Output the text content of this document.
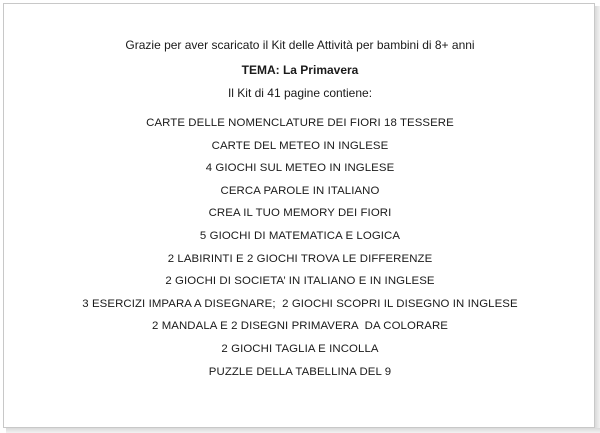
Grazie per aver scaricato il Kit delle Attività per bambini di 8+ anni
TEMA: La Primavera
Il Kit di 41 pagine contiene:
CARTE DELLE NOMENCLATURE DEI FIORI 18 TESSERE
CARTE DEL METEO IN INGLESE
4 GIOCHI SUL METEO IN INGLESE
CERCA PAROLE IN ITALIANO
CREA IL TUO MEMORY DEI FIORI
5 GIOCHI DI MATEMATICA E LOGICA
2 LABIRINTI E 2 GIOCHI TROVA LE DIFFERENZE
2 GIOCHI DI SOCIETA’ IN ITALIANO E IN INGLESE
3 ESERCIZI IMPARA A DISEGNARE;  2 GIOCHI SCOPRI IL DISEGNO IN INGLESE
2 MANDALA E 2 DISEGNI PRIMAVERA  DA COLORARE
2 GIOCHI TAGLIA E INCOLLA
PUZZLE DELLA TABELLINA DEL 9
